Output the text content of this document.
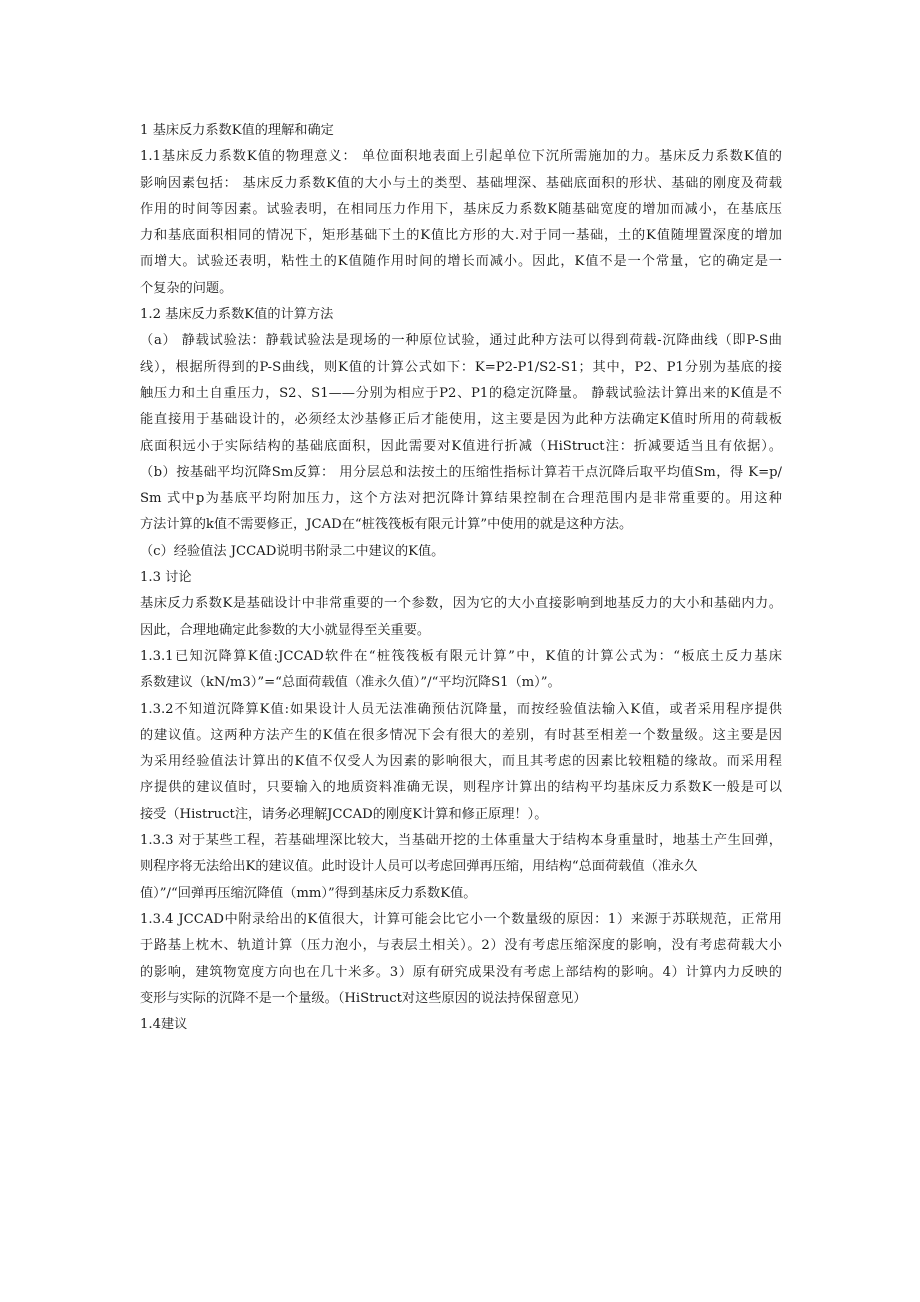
1 基床反力系数K值的理解和确定
1.1基床反力系数K值的物理意义： 单位面积地表面上引起单位下沉所需施加的力。基床反力系数K值的
影响因素包括： 基床反力系数K值的大小与土的类型、基础埋深、基础底面积的形状、基础的刚度及荷载
作用的时间等因素。试验表明，在相同压力作用下，基床反力系数K随基础宽度的增加而减小，在基底压
力和基底面积相同的情况下，矩形基础下土的K值比方形的大.对于同一基础，土的K值随埋置深度的增加
而增大。试验还表明，粘性土的K值随作用时间的增长而减小。因此，K值不是一个常量，它的确定是一
个复杂的问题。
1.2 基床反力系数K值的计算方法
（a） 静载试验法：静载试验法是现场的一种原位试验，通过此种方法可以得到荷载-沉降曲线（即P-S曲
线），根据所得到的P-S曲线，则K值的计算公式如下：K=P2-P1/S2-S1；其中，P2、P1分别为基底的接
触压力和土自重压力，S2、S1——分别为相应于P2、P1的稳定沉降量。 静载试验法计算出来的K值是不
能直接用于基础设计的，必须经太沙基修正后才能使用，这主要是因为此种方法确定K值时所用的荷载板
底面积远小于实际结构的基础底面积，因此需要对K值进行折减（HiStruct注：折减要适当且有依据）。
（b）按基础平均沉降Sm反算： 用分层总和法按土的压缩性指标计算若干点沉降后取平均值Sm，得 K=p/
Sm 式中p为基底平均附加压力，这个方法对把沉降计算结果控制在合理范围内是非常重要的。用这种
方法计算的k值不需要修正，JCAD在“桩筏筏板有限元计算”中使用的就是这种方法。
（c）经验值法 JCCAD说明书附录二中建议的K值。
1.3 讨论
基床反力系数K是基础设计中非常重要的一个参数，因为它的大小直接影响到地基反力的大小和基础内力。
因此，合理地确定此参数的大小就显得至关重要。
1.3.1已知沉降算K值:JCCAD软件在“桩筏筏板有限元计算”中，K值的计算公式为：“板底土反力基床
系数建议（kN/m3）”=“总面荷载值（准永久值）”/“平均沉降S1（m）”。
1.3.2不知道沉降算K值:如果设计人员无法准确预估沉降量，而按经验值法输入K值，或者采用程序提供
的建议值。这两种方法产生的K值在很多情况下会有很大的差别，有时甚至相差一个数量级。这主要是因
为采用经验值法计算出的K值不仅受人为因素的影响很大，而且其考虑的因素比较粗糙的缘故。而采用程
序提供的建议值时，只要输入的地质资料准确无误，则程序计算出的结构平均基床反力系数K一般是可以
接受（Histruct注，请务必理解JCCAD的刚度K计算和修正原理！）。
1.3.3 对于某些工程，若基础埋深比较大，当基础开挖的土体重量大于结构本身重量时，地基土产生回弹，
则程序将无法给出K的建议值。此时设计人员可以考虑回弹再压缩，用结构“总面荷载值（准永久
值）”/“回弹再压缩沉降值（mm）”得到基床反力系数K值。
1.3.4 JCCAD中附录给出的K值很大，计算可能会比它小一个数量级的原因：1）来源于苏联规范，正常用
于路基上枕木、轨道计算（压力泡小，与表层土相关）。2）没有考虑压缩深度的影响，没有考虑荷载大小
的影响，建筑物宽度方向也在几十米多。3）原有研究成果没有考虑上部结构的影响。4）计算内力反映的
变形与实际的沉降不是一个量级。（HiStruct对这些原因的说法持保留意见）
1.4建议
